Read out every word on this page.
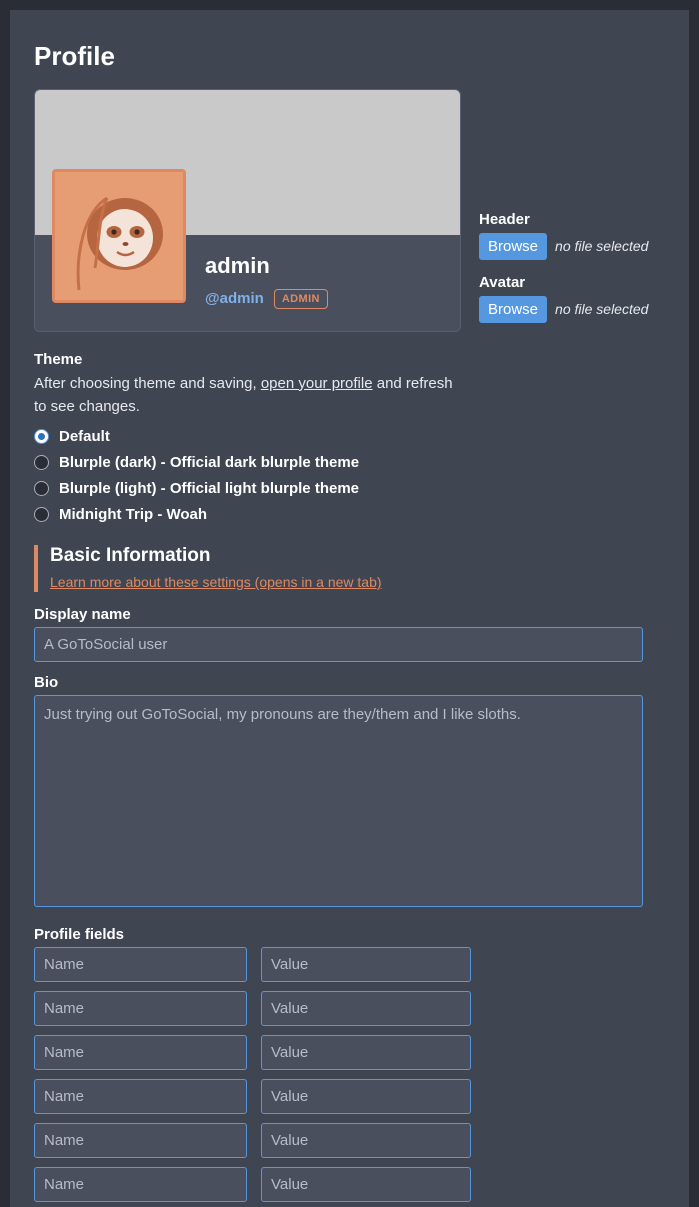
Profile
admin
@admin	ADMIN
Header
Browse	no file selected
Avatar
Browse	no file selected
Theme
After choosing theme and saving, open your profile and refresh to see changes.
Default
Blurple (dark) - Official dark blurple theme
Blurple (light) - Official light blurple theme
Midnight Trip - Woah
Basic Information
Learn more about these settings (opens in a new tab)
Display name
A GoToSocial user
Bio
Just trying out GoToSocial, my pronouns are they/them and I like sloths.
Profile fields
Name
Value
Name
Value
Name
Value
Name
Value
Name
Value
Name
Value
